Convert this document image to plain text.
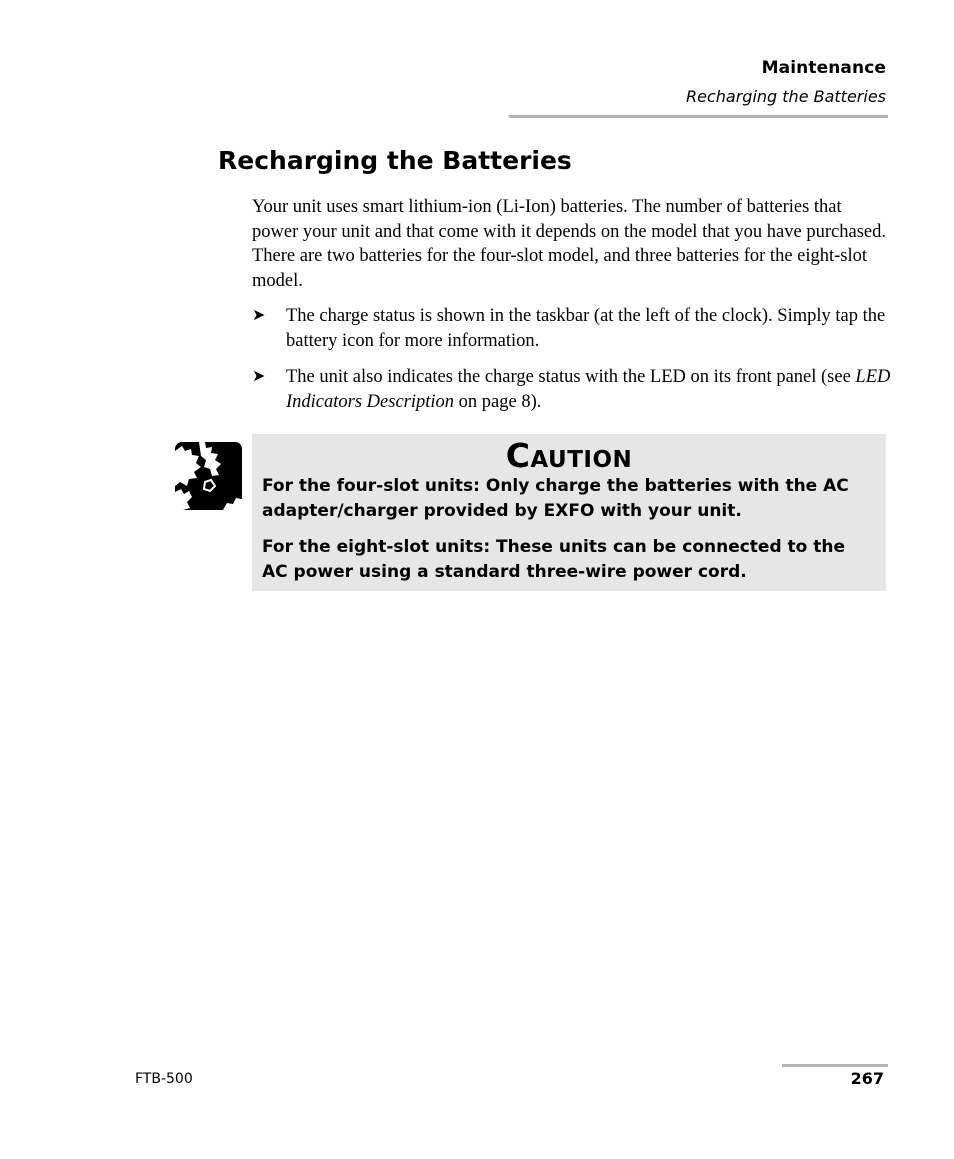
Maintenance
Recharging the Batteries
Recharging the Batteries

Your unit uses smart lithium-ion (Li-Ion) batteries. The number of batteries that power your unit and that come with it depends on the model that you have purchased. There are two batteries for the four-slot model, and three batteries for the eight-slot model.

➤	The charge status is shown in the taskbar (at the left of the clock). Simply tap the battery icon for more information.
➤	The unit also indicates the charge status with the LED on its front panel (see LED Indicators Description on page 8).
Caution
For the four-slot units: Only charge the batteries with the AC adapter/charger provided by EXFO with your unit.
For the eight-slot units: These units can be connected to the AC power using a standard three-wire power cord.
FTB-500	267
